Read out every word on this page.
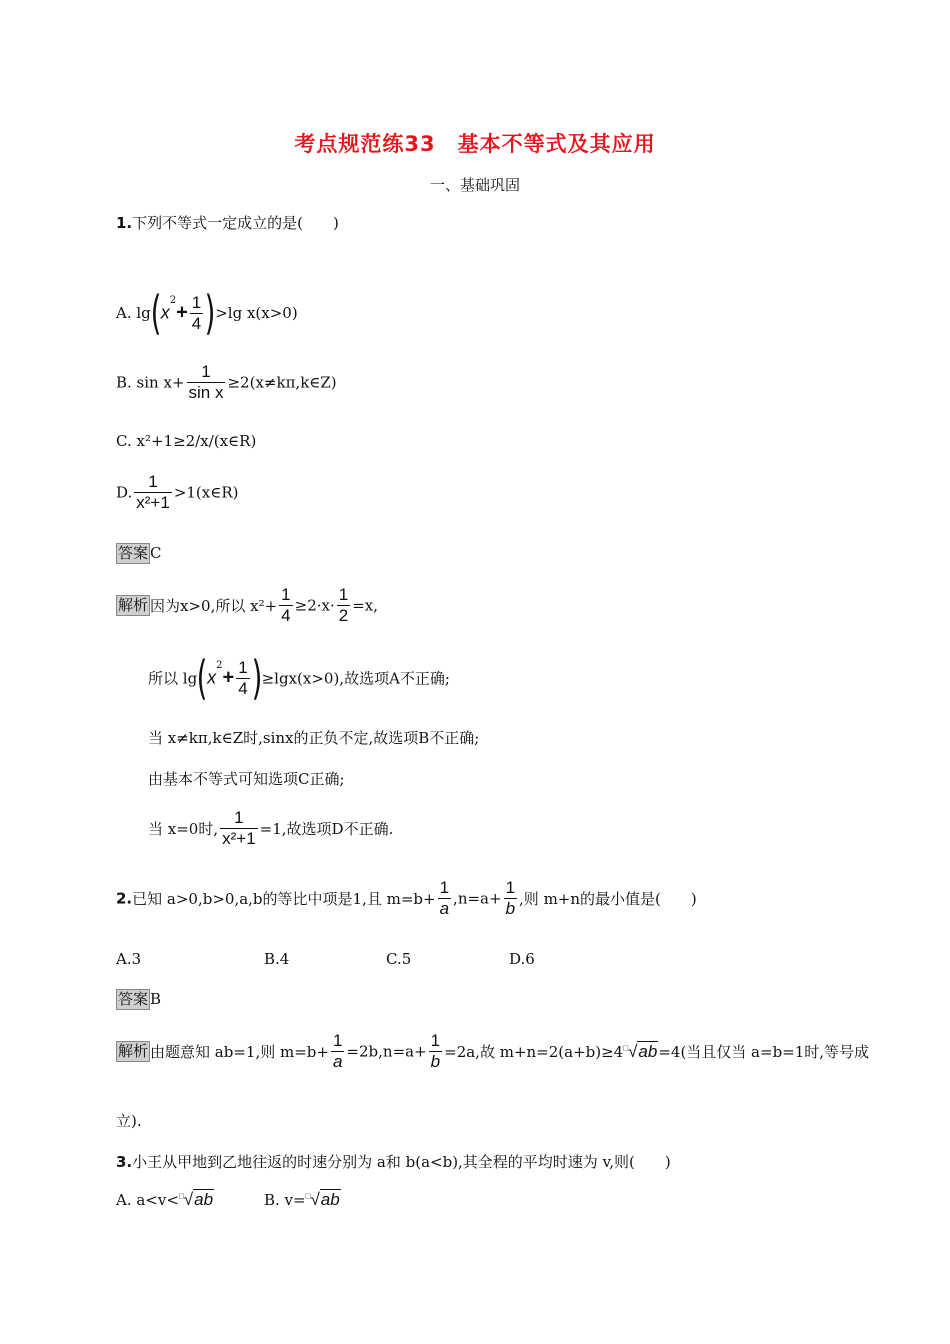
考点规范练33　基本不等式及其应用
一、基础巩固
1.下列不等式一定成立的是(　　)
A. $\lg(x^2+ \frac{1}{4} )>\lg$ x(x>0)
B. $\sin x+ \frac{1}{\text{sin x}}$ ≥2(x≠kπ,k∈Z)
C. x²+1≥2/x/(x∈R)
D. $\frac{1}{\text{x²+1}}$ >1(x∈R)
答案 C
解析 因为x>0,所以 $x^2+ \frac{1}{4} \ge 2\cdot x\cdot \frac{1}{2} =x$,
所以 $\lg(x^2+ \frac{1}{4} )\ge\lg x(x>0)$,故选项A不正确;
当 x≠kπ,k∈Z时,sinx的正负不定,故选项B不正确;
由基本不等式可知选项C正确;
当 x=0时, $\frac{1}{\text{x²+1}} =1$,故选项D不正确.
2.已知 a>0,b>0,a,b的等比中项是1,且 $m=b+ \frac{1}{a} ,n=a+ \frac{1}{b}$ ,则 m+n的最小值是(　　)
A.3	B.4	C.5	D.6
答案 B
解析 由题意知 ab=1,则 $m=b+ \frac{1}{a} =2b,n=a+ \frac{1}{b} =2a$,故 m+n=2(a+b)≥4□√ab=4(当且仅当 a=b=1时,等号成
立).
3.小王从甲地到乙地往返的时速分别为 a和 b(a<b),其全程的平均时速为 v,则(　　)
A. a<v<□√ab	B. v=□√ab
